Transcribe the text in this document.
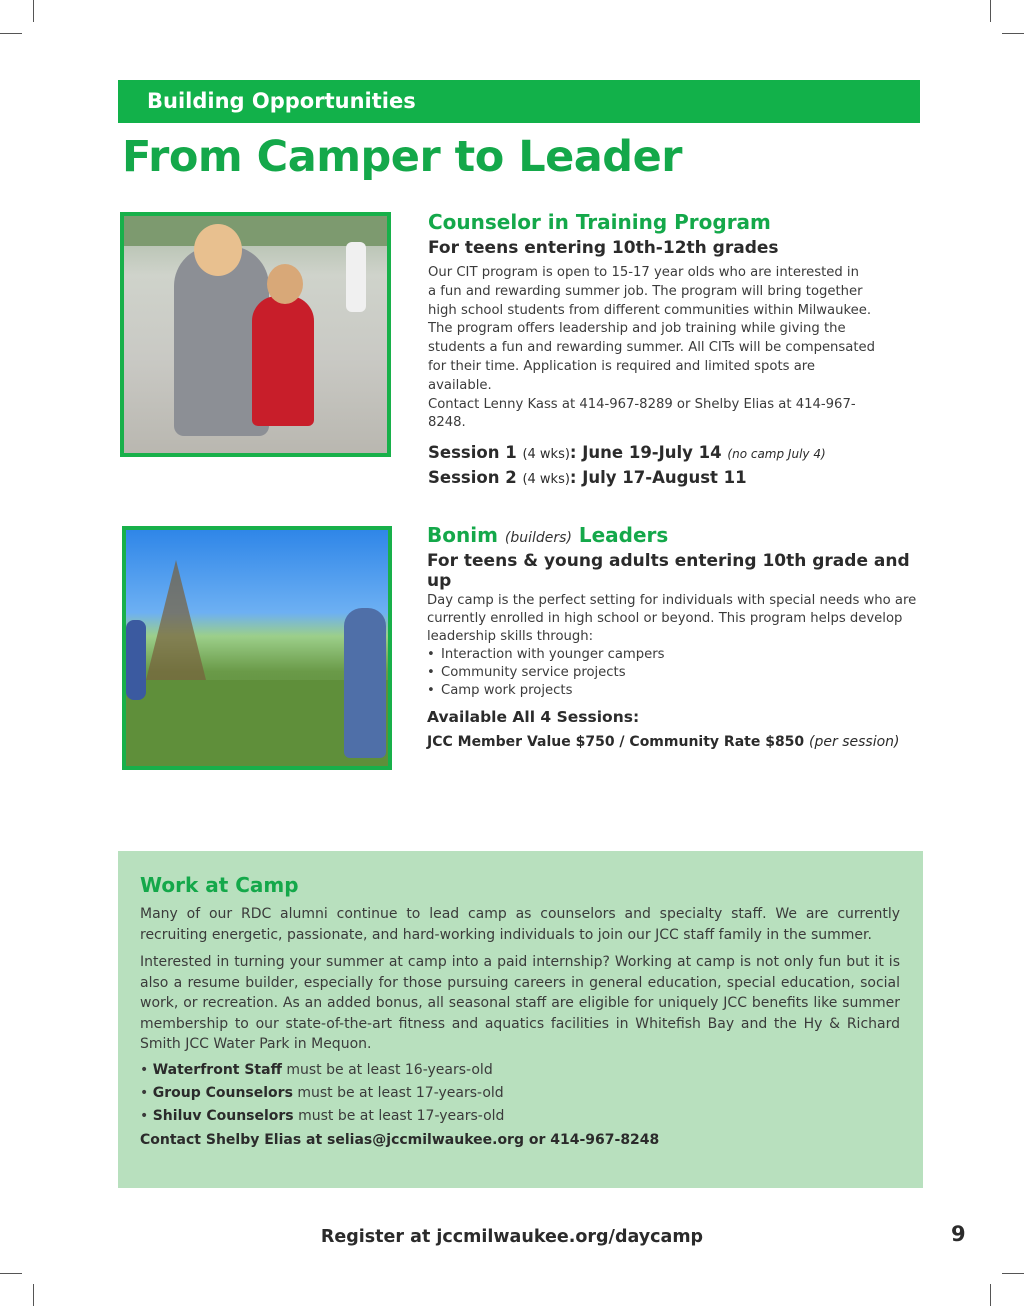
Building Opportunities
From Camper to Leader
Counselor in Training Program
For teens entering 10th-12th grades
Our CIT program is open to 15-17 year olds who are interested in
a fun and rewarding summer job. The program will bring together
high school students from different communities within Milwaukee.
The program offers leadership and job training while giving the
students a fun and rewarding summer. All CITs will be compensated
for their time. Application is required and limited spots are available.
Contact Lenny Kass at 414-967-8289 or Shelby Elias at 414-967-8248.
Session 1 (4 wks): June 19-July 14 (no camp July 4)
Session 2 (4 wks): July 17-August 11
Bonim (builders) Leaders
For teens & young adults entering 10th grade and up
Day camp is the perfect setting for individuals with special needs who are
currently enrolled in high school or beyond. This program helps develop
leadership skills through:
• Interaction with younger campers
• Community service projects
• Camp work projects
Available All 4 Sessions:
JCC Member Value $750 / Community Rate $850 (per session)
Work at Camp
Many of our RDC alumni continue to lead camp as counselors and specialty staff. We are currently recruiting energetic, passionate, and hard-working individuals to join our JCC staff family in the summer.
Interested in turning your summer at camp into a paid internship? Working at camp is not only fun but it is also a resume builder, especially for those pursuing careers in general education, special education, social work, or recreation. As an added bonus, all seasonal staff are eligible for uniquely JCC benefits like summer membership to our state-of-the-art fitness and aquatics facilities in Whitefish Bay and the Hy & Richard Smith JCC Water Park in Mequon.
• Waterfront Staff must be at least 16-years-old
• Group Counselors must be at least 17-years-old
• Shiluv Counselors must be at least 17-years-old
Contact Shelby Elias at selias@jccmilwaukee.org or 414-967-8248
Register at jccmilwaukee.org/daycamp	9
